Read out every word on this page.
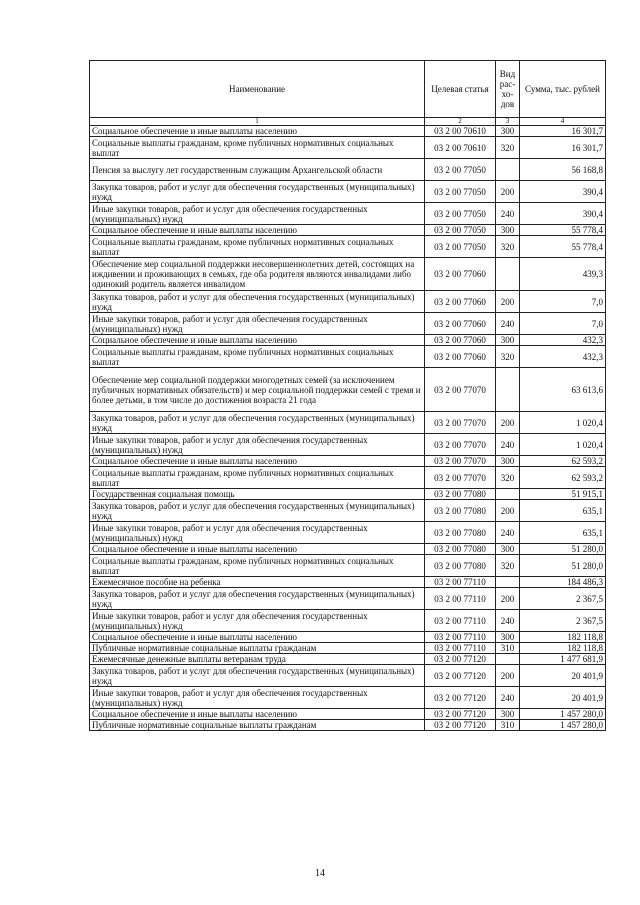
Наименование	Целевая статья	Вид рас-хо-дов	Сумма, тыс. рублей
1	2	3	4
Социальное обеспечение и иные выплаты населению	03 2 00 70610	300	16 301,7
Социальные выплаты гражданам, кроме публичных нормативных социальных выплат	03 2 00 70610	320	16 301,7
Пенсия за выслугу лет государственным служащим Архангельской области	03 2 00 77050		56 168,8
Закупка товаров, работ и услуг для обеспечения государственных (муниципальных) нужд	03 2 00 77050	200	390,4
Иные закупки товаров, работ и услуг для обеспечения государственных (муниципальных) нужд	03 2 00 77050	240	390,4
Социальное обеспечение и иные выплаты населению	03 2 00 77050	300	55 778,4
Социальные выплаты гражданам, кроме публичных нормативных социальных выплат	03 2 00 77050	320	55 778,4
Обеспечение мер социальной поддержки несовершеннолетних детей, состоящих на иждивении и проживающих в семьях, где оба родителя являются инвалидами либо одинокий родитель является инвалидом	03 2 00 77060		439,3
Закупка товаров, работ и услуг для обеспечения государственных (муниципальных) нужд	03 2 00 77060	200	7,0
Иные закупки товаров, работ и услуг для обеспечения государственных (муниципальных) нужд	03 2 00 77060	240	7,0
Социальное обеспечение и иные выплаты населению	03 2 00 77060	300	432,3
Социальные выплаты гражданам, кроме публичных нормативных социальных выплат	03 2 00 77060	320	432,3
Обеспечение мер социальной поддержки многодетных семей (за исключением публичных нормативных обязательств) и мер социальной поддержки семей с тремя и более детьми, в том числе до достижения возраста 21 года	03 2 00 77070		63 613,6
Закупка товаров, работ и услуг для обеспечения государственных (муниципальных) нужд	03 2 00 77070	200	1 020,4
Иные закупки товаров, работ и услуг для обеспечения государственных (муниципальных) нужд	03 2 00 77070	240	1 020,4
Социальное обеспечение и иные выплаты населению	03 2 00 77070	300	62 593,2
Социальные выплаты гражданам, кроме публичных нормативных социальных выплат	03 2 00 77070	320	62 593,2
Государственная социальная помощь	03 2 00 77080		51 915,1
Закупка товаров, работ и услуг для обеспечения государственных (муниципальных) нужд	03 2 00 77080	200	635,1
Иные закупки товаров, работ и услуг для обеспечения государственных (муниципальных) нужд	03 2 00 77080	240	635,1
Социальное обеспечение и иные выплаты населению	03 2 00 77080	300	51 280,0
Социальные выплаты гражданам, кроме публичных нормативных социальных выплат	03 2 00 77080	320	51 280,0
Ежемесячное пособие на ребенка	03 2 00 77110		184 486,3
Закупка товаров, работ и услуг для обеспечения государственных (муниципальных) нужд	03 2 00 77110	200	2 367,5
Иные закупки товаров, работ и услуг для обеспечения государственных (муниципальных) нужд	03 2 00 77110	240	2 367,5
Социальное обеспечение и иные выплаты населению	03 2 00 77110	300	182 118,8
Публичные нормативные социальные выплаты гражданам	03 2 00 77110	310	182 118,8
Ежемесячные денежные выплаты ветеранам труда	03 2 00 77120		1 477 681,9
Закупка товаров, работ и услуг для обеспечения государственных (муниципальных) нужд	03 2 00 77120	200	20 401,9
Иные закупки товаров, работ и услуг для обеспечения государственных (муниципальных) нужд	03 2 00 77120	240	20 401,9
Социальное обеспечение и иные выплаты населению	03 2 00 77120	300	1 457 280,0
Публичные нормативные социальные выплаты гражданам	03 2 00 77120	310	1 457 280,0
14
